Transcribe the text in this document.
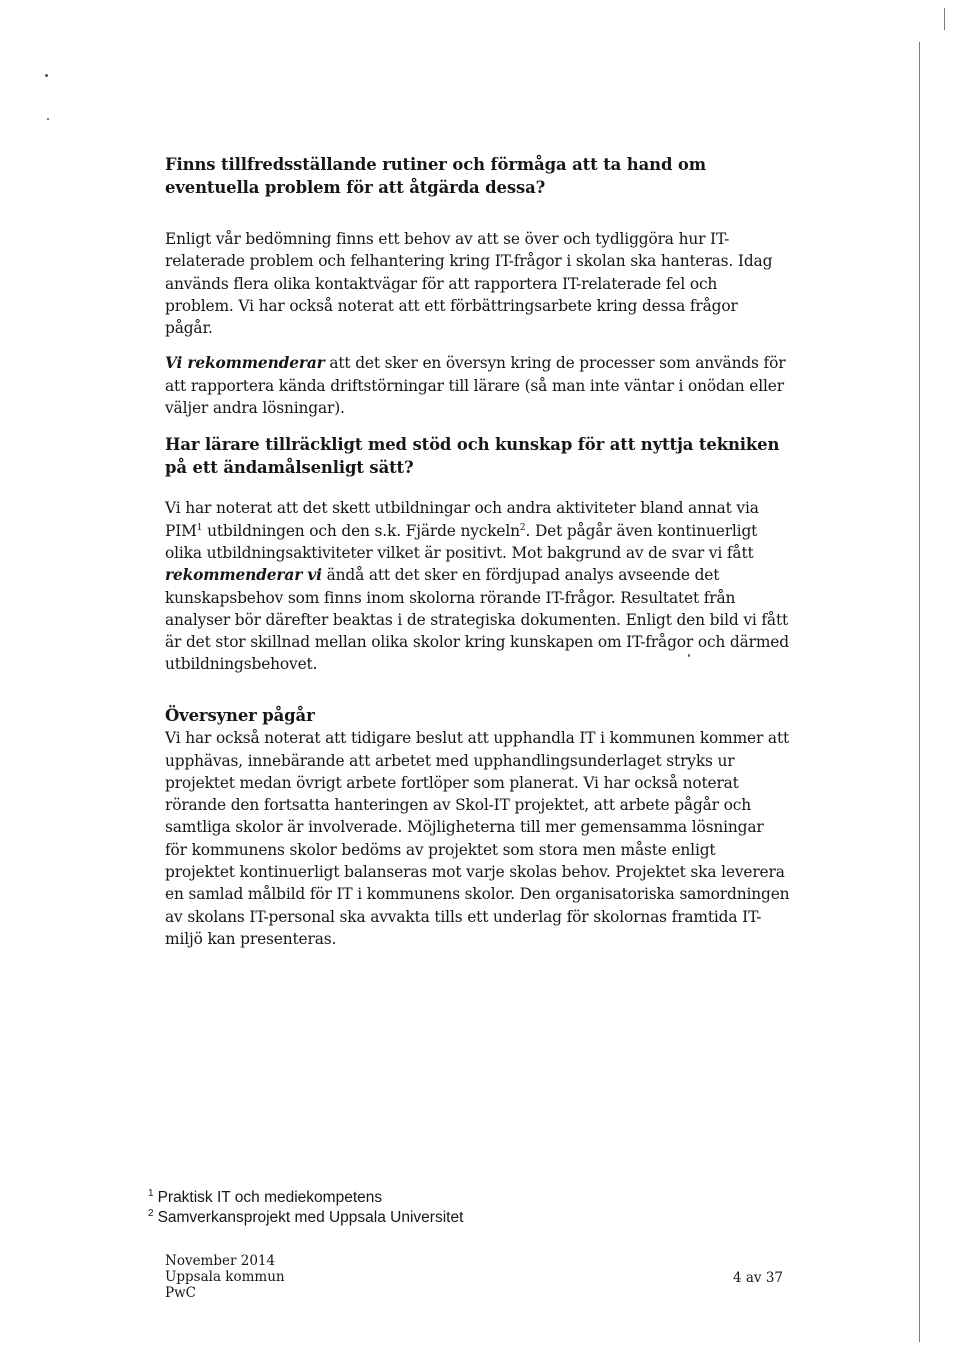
Finns tillfredsställande rutiner och förmåga att ta hand om eventuella problem för att åtgärda dessa?

Enligt vår bedömning finns ett behov av att se över och tydliggöra hur IT-relaterade problem och felhantering kring IT-frågor i skolan ska hanteras. Idag används flera olika kontaktvägar för att rapportera IT-relaterade fel och problem. Vi har också noterat att ett förbättringsarbete kring dessa frågor pågår.

Vi rekommenderar att det sker en översyn kring de processer som används för att rapportera kända driftstörningar till lärare (så man inte väntar i onödan eller väljer andra lösningar).

Har lärare tillräckligt med stöd och kunskap för att nyttja tekniken på ett ändamålsenligt sätt?

Vi har noterat att det skett utbildningar och andra aktiviteter bland annat via PIM$^1$ utbildningen och den s.k. Fjärde nyckeln$^2$. Det pågår även kontinuerligt olika utbildningsaktiviteter vilket är positivt. Mot bakgrund av de svar vi fått rekommenderar vi ändå att det sker en fördjupad analys avseende det kunskapsbehov som finns inom skolorna rörande IT-frågor. Resultatet från analyser bör därefter beaktas i de strategiska dokumenten. Enligt den bild vi fått är det stor skillnad mellan olika skolor kring kunskapen om IT-frågor och därmed utbildningsbehovet.

Översyner pågår

Vi har också noterat att tidigare beslut att upphandla IT i kommunen kommer att upphävas, innebärande att arbetet med upphandlingsunderlaget stryks ur projektet medan övrigt arbete fortlöper som planerat. Vi har också noterat rörande den fortsatta hanteringen av Skol-IT projektet, att arbete pågår och samtliga skolor är involverade. Möjligheterna till mer gemensamma lösningar för kommunens skolor bedöms av projektet som stora men måste enligt projektet kontinuerligt balanseras mot varje skolas behov. Projektet ska leverera en samlad målbild för IT i kommunens skolor. Den organisatoriska samordningen av skolans IT-personal ska avvakta tills ett underlag för skolornas framtida IT-miljö kan presenteras.

$^1$ Praktisk IT och mediekompetens
$^2$ Samverkansprojekt med Uppsala Universitet
November 2014
Uppsala kommun
PwC
4 av 37
